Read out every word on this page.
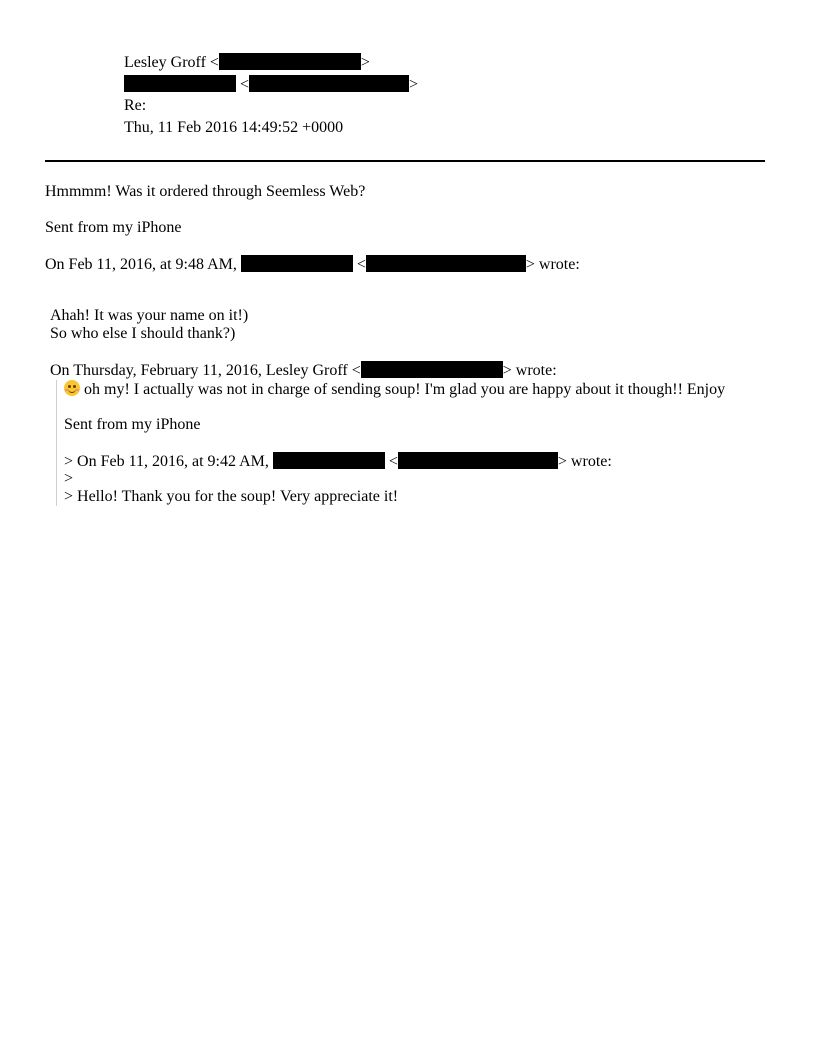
Lesley Groff <	>
<	>
Re:
Thu, 11 Feb 2016 14:49:52 +0000
Hmmmm! Was it ordered through Seemless Web?
Sent from my iPhone
On Feb 11, 2016, at 9:48 AM,	<	> wrote:
Ahah! It was your name on it!)
So who else I should thank?)
On Thursday, February 11, 2016, Lesley Groff <	> wrote:
oh my! I actually was not in charge of sending soup! I'm glad you are happy about it though!! Enjoy
Sent from my iPhone
> On Feb 11, 2016, at 9:42 AM,	<	> wrote:
>
> Hello! Thank you for the soup! Very appreciate it!
